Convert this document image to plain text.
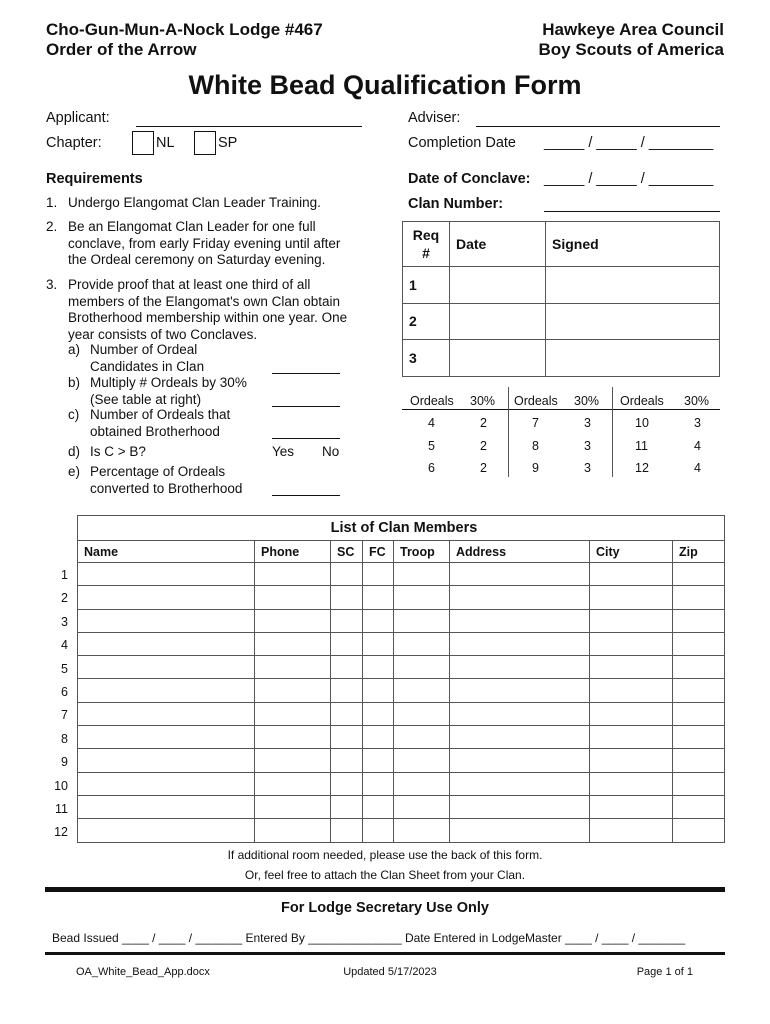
Cho-Gun-Mun-A-Nock Lodge #467
Order of the Arrow
Hawkeye Area Council
Boy Scouts of America
White Bead Qualification Form
Applicant:	Adviser:
Chapter:	NL	SP	Completion Date _____ / _____ / ________
Requirements	Date of Conclave: _____ / _____ / ________
Clan Number:
1. Undergo Elangomat Clan Leader Training.
2. Be an Elangomat Clan Leader for one full
conclave, from early Friday evening until after
the Ordeal ceremony on Saturday evening.
3. Provide proof that at least one third of all
members of the Elangomat's own Clan obtain
Brotherhood membership within one year. One
year consists of two Conclaves.
a) Number of Ordeal
Candidates in Clan
b) Multiply # Ordeals by 30%
(See table at right)
c) Number of Ordeals that
obtained Brotherhood
d) Is C > B?	Yes No
e) Percentage of Ordeals
converted to Brotherhood
Req
#	Date	Signed
1		
2		
3		
Ordeals 30%
4	2
5	2
6	2
Ordeals 30%
7	3
8	3
9	3
Ordeals 30%
10	3
11	4
12	4
List of Clan Members							
Name	Phone	SC	FC	Troop	Address	City	Zip

1
2
3
4
5
6
7
8
9
10
11
12
If additional room needed, please use the back of this form.
Or, feel free to attach the Clan Sheet from your Clan.
For Lodge Secretary Use Only
Bead Issued ____ / ____ / _______ Entered By ______________ Date Entered in LodgeMaster ____ / ____ / _______
OA_White_Bead_App.docx	Updated 5/17/2023	Page 1 of 1
